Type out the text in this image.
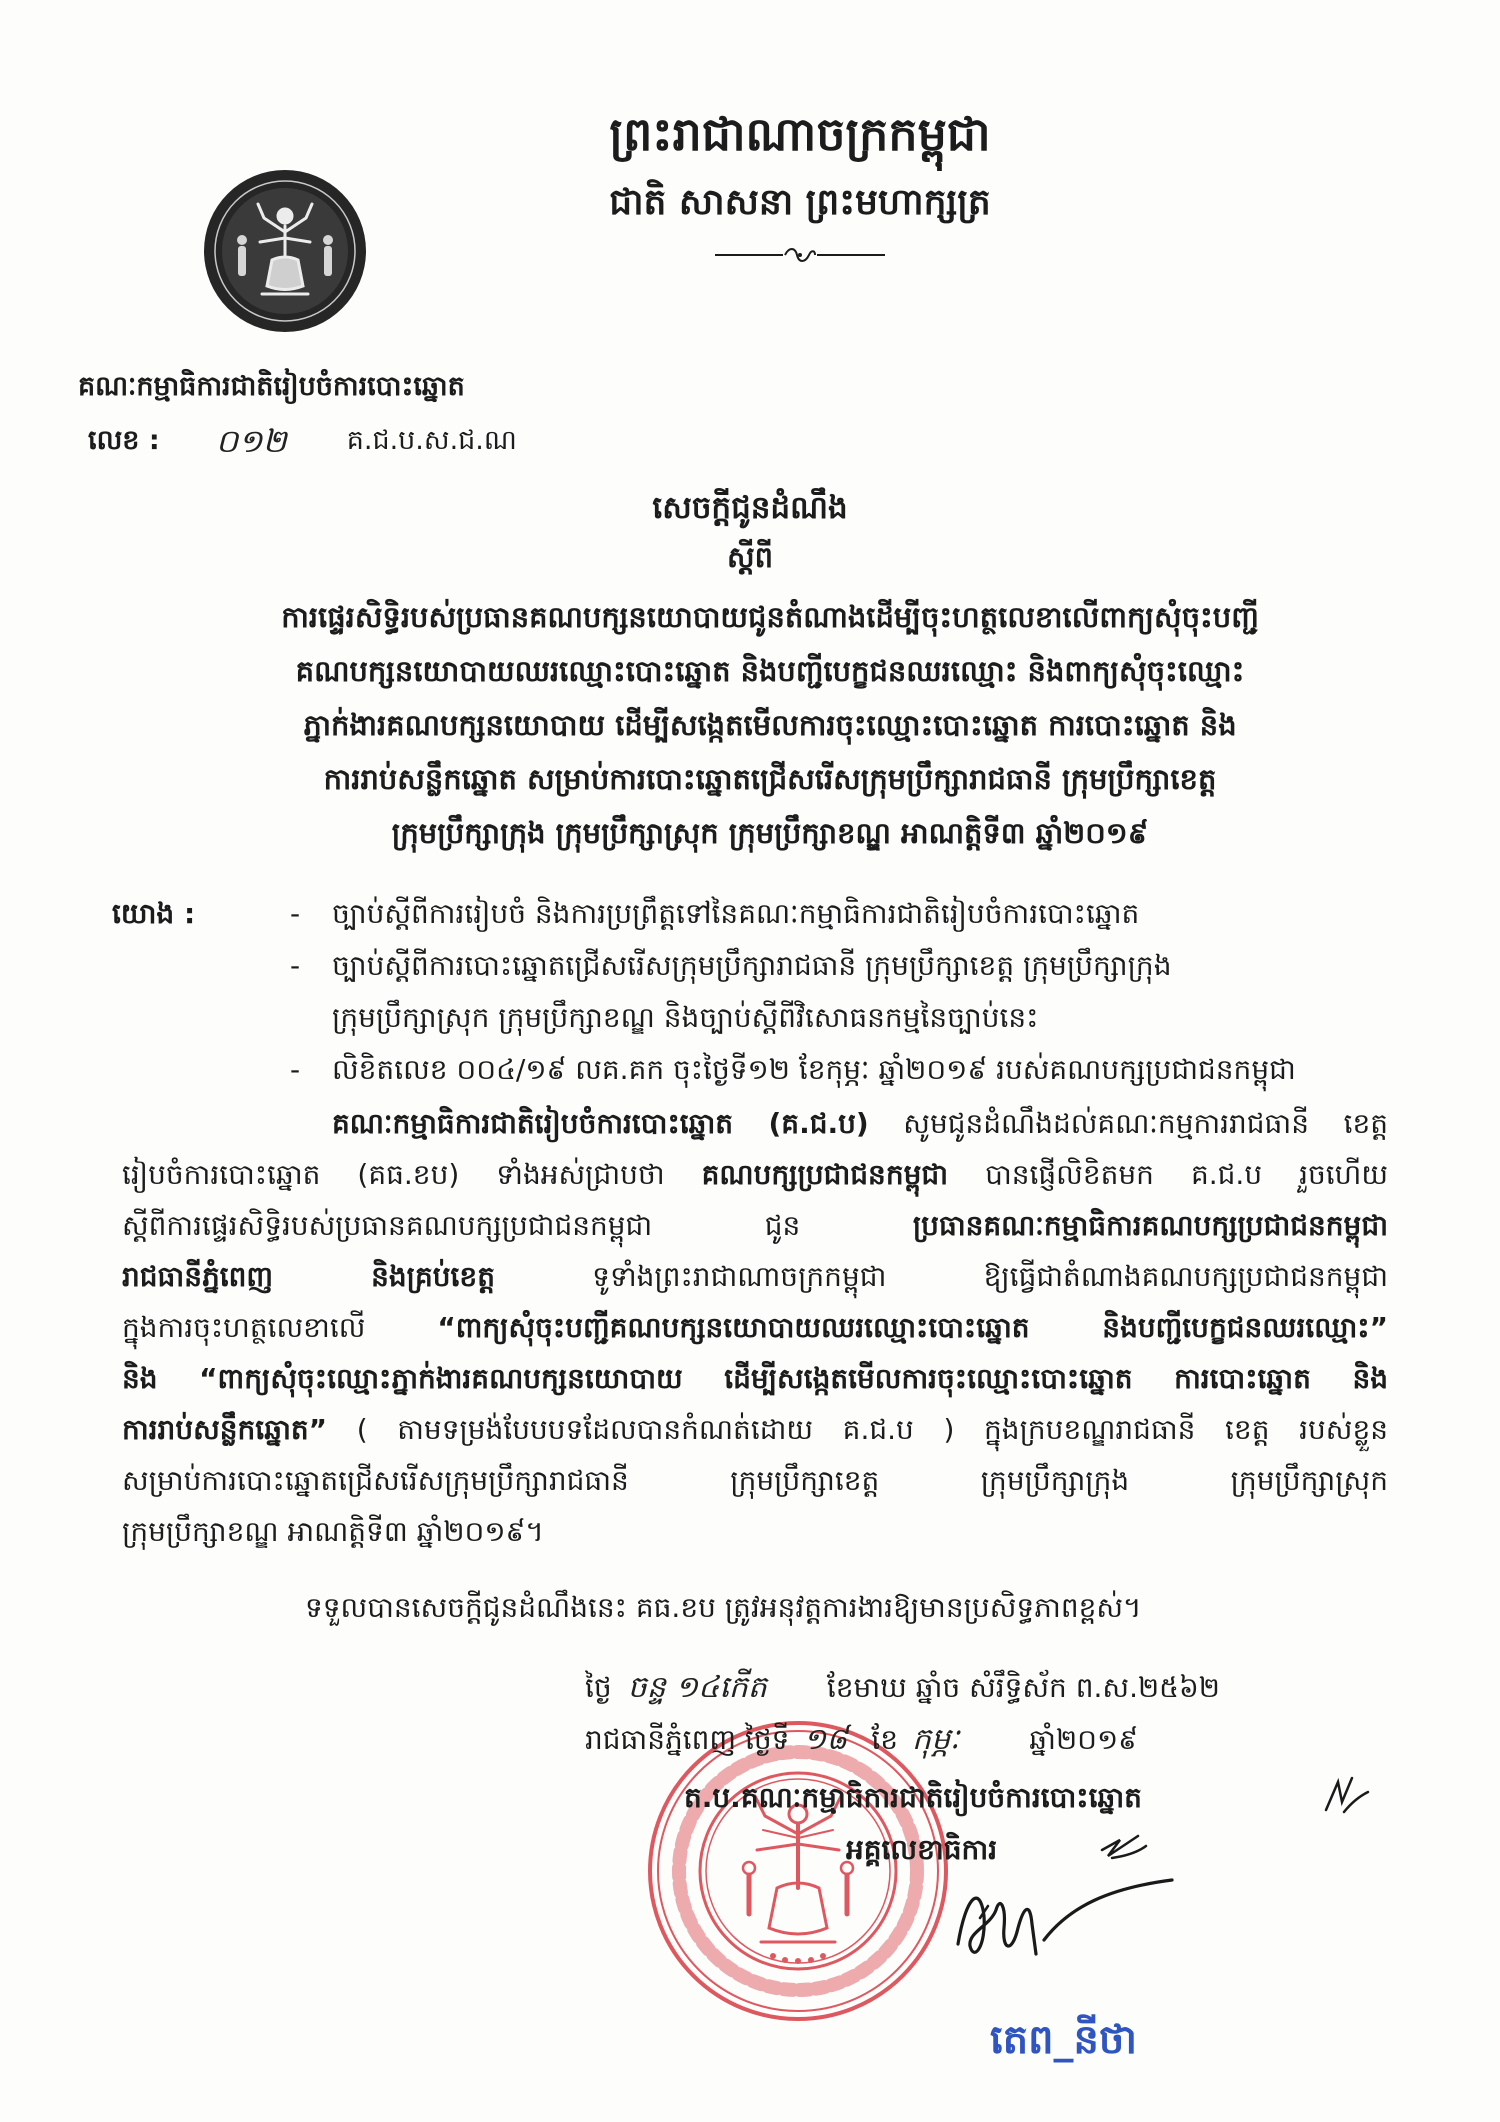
ព្រះរាជាណាចក្រកម្ពុជា
ជាតិ សាសនា ព្រះមហាក្សត្រ
គណៈកម្មាធិការជាតិរៀបចំការបោះឆ្នោត
លេខ : ០១២ គ.ជ.ប.ស.ជ.ណ
សេចក្តីជូនដំណឹង
ស្តីពី
ការផ្ទេរសិទ្ធិរបស់ប្រធានគណបក្សនយោបាយជូនតំណាងដើម្បីចុះហត្ថលេខាលើពាក្យសុំចុះបញ្ជី
គណបក្សនយោបាយឈរឈ្មោះបោះឆ្នោត និងបញ្ជីបេក្ខជនឈរឈ្មោះ និងពាក្យសុំចុះឈ្មោះ
ភ្នាក់ងារគណបក្សនយោបាយ ដើម្បីសង្កេតមើលការចុះឈ្មោះបោះឆ្នោត ការបោះឆ្នោត និង
ការរាប់សន្លឹកឆ្នោត សម្រាប់ការបោះឆ្នោតជ្រើសរើសក្រុមប្រឹក្សារាជធានី ក្រុមប្រឹក្សាខេត្ត
ក្រុមប្រឹក្សាក្រុង ក្រុមប្រឹក្សាស្រុក ក្រុមប្រឹក្សាខណ្ឌ អាណត្តិទី៣ ឆ្នាំ២០១៩
យោង :	-	ច្បាប់ស្តីពីការរៀបចំ និងការប្រព្រឹត្តទៅនៃគណៈកម្មាធិការជាតិរៀបចំការបោះឆ្នោត
-	ច្បាប់ស្តីពីការបោះឆ្នោតជ្រើសរើសក្រុមប្រឹក្សារាជធានី ក្រុមប្រឹក្សាខេត្ត ក្រុមប្រឹក្សាក្រុង
ក្រុមប្រឹក្សាស្រុក ក្រុមប្រឹក្សាខណ្ឌ និងច្បាប់ស្តីពីវិសោធនកម្មនៃច្បាប់នេះ
-	លិខិតលេខ ០០៤/១៩ លគ.គក ចុះថ្ងៃទី១២ ខែកុម្ភៈ ឆ្នាំ២០១៩ របស់គណបក្សប្រជាជនកម្ពុជា
គណៈកម្មាធិការជាតិរៀបចំការបោះឆ្នោត (គ.ជ.ប) សូមជូនដំណឹងដល់គណៈកម្មការរាជធានី ខេត្ត
រៀបចំការបោះឆ្នោត (គធ.ខប) ទាំងអស់ជ្រាបថា គណបក្សប្រជាជនកម្ពុជា បានផ្ញើលិខិតមក គ.ជ.ប រួចហើយ
ស្តីពីការផ្ទេរសិទ្ធិរបស់ប្រធានគណបក្សប្រជាជនកម្ពុជា ជូន	ប្រធានគណៈកម្មាធិការគណបក្សប្រជាជនកម្ពុជា
រាជធានីភ្នំពេញ និងគ្រប់ខេត្ត	ទូទាំងព្រះរាជាណាចក្រកម្ពុជា ឱ្យធ្វើជាតំណាងគណបក្សប្រជាជនកម្ពុជា
ក្នុងការចុះហត្ថលេខាលើ	“ពាក្យសុំចុះបញ្ជីគណបក្សនយោបាយឈរឈ្មោះបោះឆ្នោត និងបញ្ជីបេក្ខជនឈរឈ្មោះ”
និង “ពាក្យសុំចុះឈ្មោះភ្នាក់ងារគណបក្សនយោបាយ ដើម្បីសង្កេតមើលការចុះឈ្មោះបោះឆ្នោត ការបោះឆ្នោត និង
ការរាប់សន្លឹកឆ្នោត” ( តាមទម្រង់បែបបទដែលបានកំណត់ដោយ គ.ជ.ប ) ក្នុងក្របខណ្ឌរាជធានី ខេត្ត របស់ខ្លួន
សម្រាប់ការបោះឆ្នោតជ្រើសរើសក្រុមប្រឹក្សារាជធានី ក្រុមប្រឹក្សាខេត្ត ក្រុមប្រឹក្សាក្រុង ក្រុមប្រឹក្សាស្រុក
ក្រុមប្រឹក្សាខណ្ឌ អាណត្តិទី៣ ឆ្នាំ២០១៩។
ទទួលបានសេចក្តីជូនដំណឹងនេះ គធ.ខប ត្រូវអនុវត្តការងារឱ្យមានប្រសិទ្ធភាពខ្ពស់។
ថ្ងៃ ចន្ទ ១៤កើត ខែមាឃ ឆ្នាំច សំរឹទ្ធិស័ក ព.ស.២៥៦២
រាជធានីភ្នំពេញ ថ្ងៃទី ១៨ ខែ កុម្ភៈ	ឆ្នាំ២០១៩
ត.ប.គណៈកម្មាធិការជាតិរៀបចំការបោះឆ្នោត
អគ្គលេខាធិការ
តេព_នីថា
